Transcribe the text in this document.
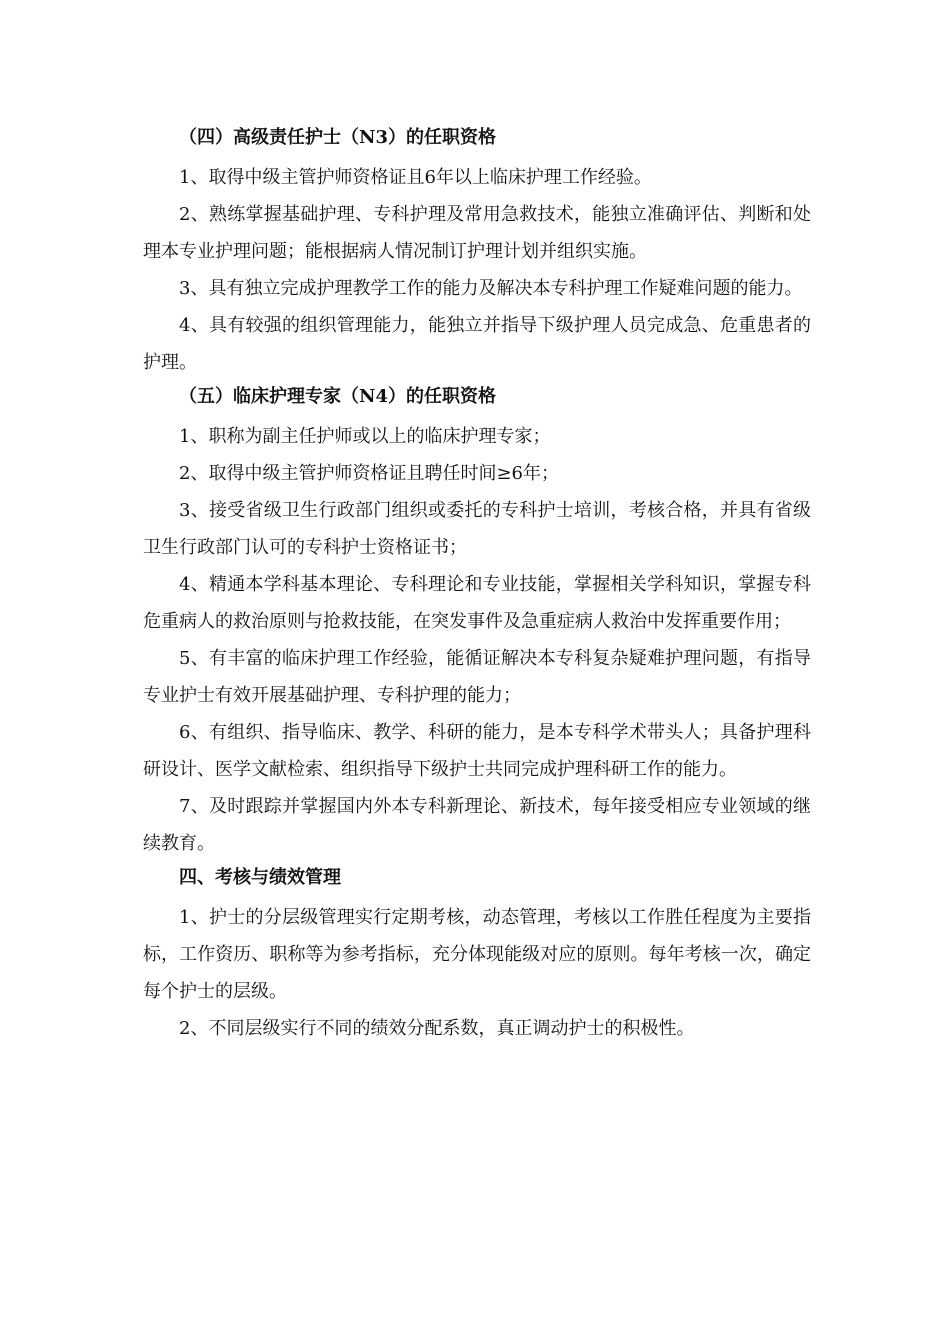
（四）高级责任护士（N3）的任职资格

1、取得中级主管护师资格证且6年以上临床护理工作经验。

2、熟练掌握基础护理、专科护理及常用急救技术，能独立准确评估、判断和处理本专业护理问题；能根据病人情况制订护理计划并组织实施。

3、具有独立完成护理教学工作的能力及解决本专科护理工作疑难问题的能力。

4、具有较强的组织管理能力，能独立并指导下级护理人员完成急、危重患者的护理。

（五）临床护理专家（N4）的任职资格

1、职称为副主任护师或以上的临床护理专家；

2、取得中级主管护师资格证且聘任时间≥6年；

3、接受省级卫生行政部门组织或委托的专科护士培训，考核合格，并具有省级卫生行政部门认可的专科护士资格证书；

4、精通本学科基本理论、专科理论和专业技能，掌握相关学科知识，掌握专科危重病人的救治原则与抢救技能，在突发事件及急重症病人救治中发挥重要作用；

5、有丰富的临床护理工作经验，能循证解决本专科复杂疑难护理问题，有指导专业护士有效开展基础护理、专科护理的能力；

6、有组织、指导临床、教学、科研的能力，是本专科学术带头人；具备护理科研设计、医学文献检索、组织指导下级护士共同完成护理科研工作的能力。

7、及时跟踪并掌握国内外本专科新理论、新技术，每年接受相应专业领域的继续教育。

四、考核与绩效管理

1、护士的分层级管理实行定期考核，动态管理，考核以工作胜任程度为主要指标，工作资历、职称等为参考指标，充分体现能级对应的原则。每年考核一次，确定每个护士的层级。

2、不同层级实行不同的绩效分配系数，真正调动护士的积极性。
